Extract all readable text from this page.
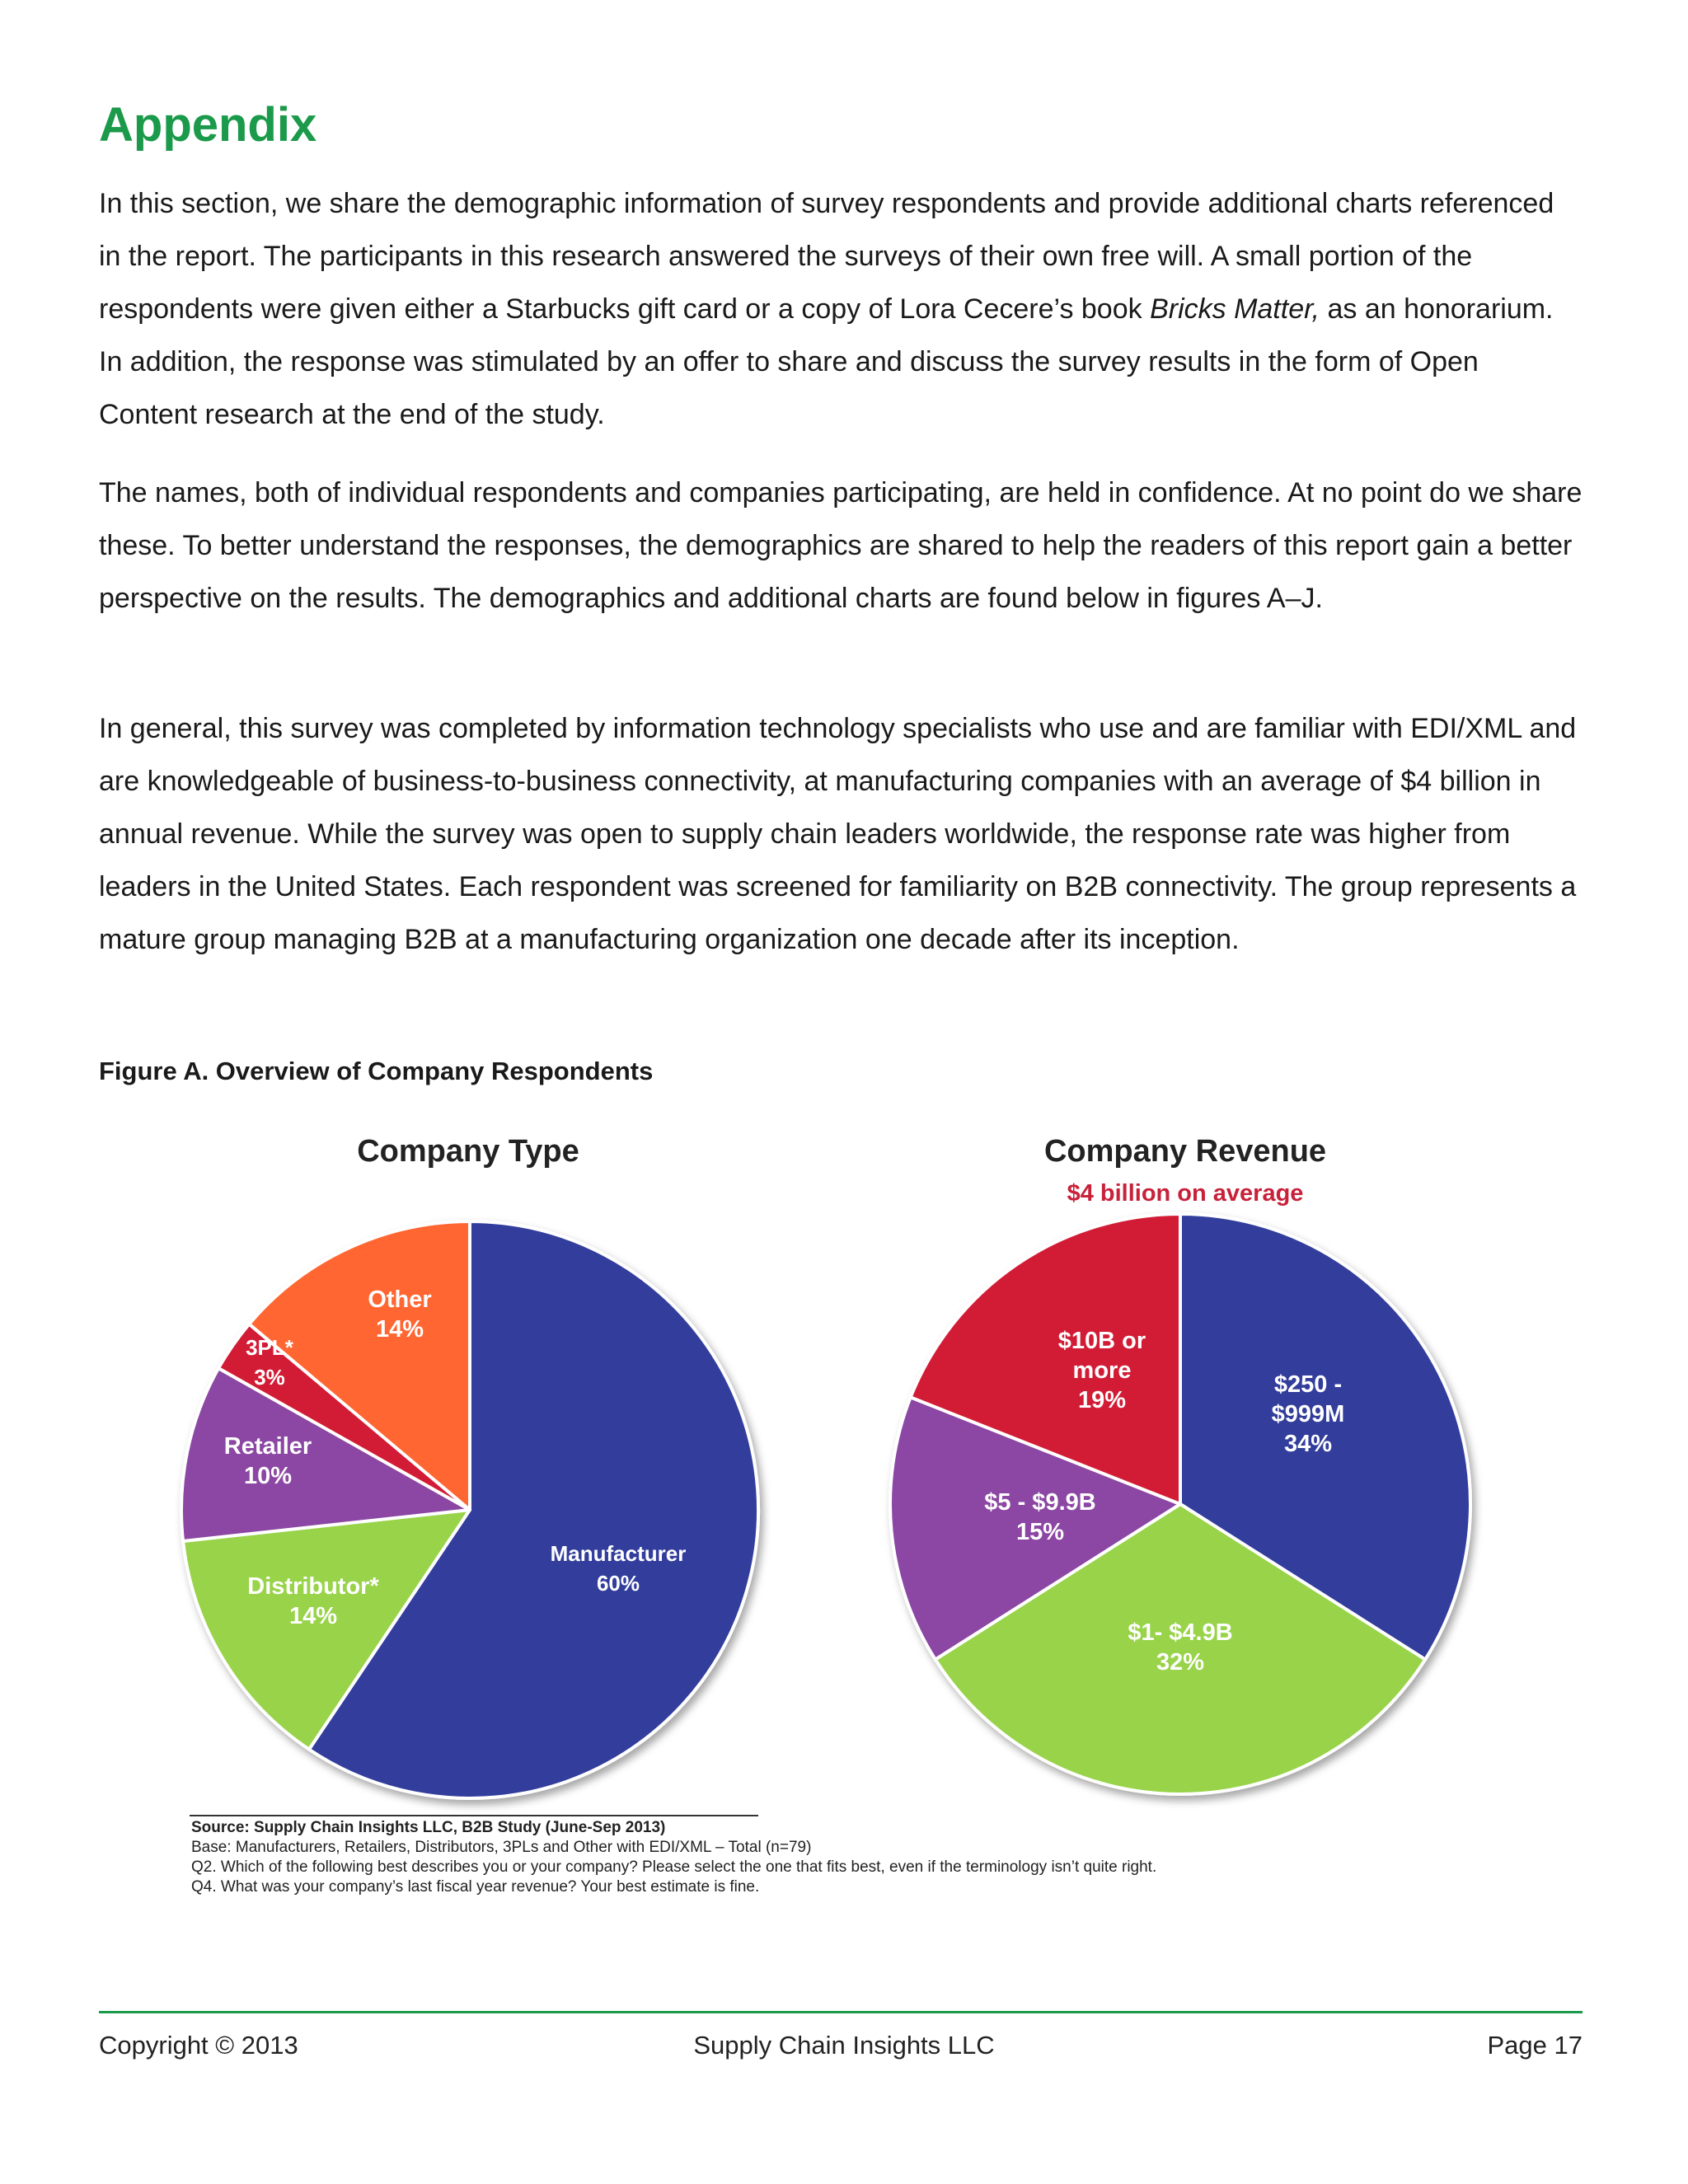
Appendix

In this section, we share the demographic information of survey respondents and provide additional charts referenced in the report. The participants in this research answered the surveys of their own free will. A small portion of the respondents were given either a Starbucks gift card or a copy of Lora Cecere’s book Bricks Matter, as an honorarium. In addition, the response was stimulated by an offer to share and discuss the survey results in the form of Open Content research at the end of the study.

The names, both of individual respondents and companies participating, are held in confidence. At no point do we share these. To better understand the responses, the demographics are shared to help the readers of this report gain a better perspective on the results. The demographics and additional charts are found below in figures A–J.

In general, this survey was completed by information technology specialists who use and are familiar with EDI/XML and are knowledgeable of business-to-business connectivity, at manufacturing companies with an average of $4 billion in annual revenue. While the survey was open to supply chain leaders worldwide, the response rate was higher from leaders in the United States. Each respondent was screened for familiarity on B2B connectivity. The group represents a mature group managing B2B at a manufacturing organization one decade after its inception.

Figure A. Overview of Company Respondents
Company Type	Company Revenue
$4 billion on average
Manufacturer 60%
Distributor* 14%
Retailer 10%
3PL* 3%
Other 14%
$250 -$999M 34%
$1- $4.9B 32%
$5 - $9.9B 15%
$10B or more 19%
Source: Supply Chain Insights LLC, B2B Study (June-Sep 2013)
Base: Manufacturers, Retailers, Distributors, 3PLs and Other with EDI/XML – Total (n=79)
Q2. Which of the following best describes you or your company? Please select the one that fits best, even if the terminology isn’t quite right.
Q4. What was your company’s last fiscal year revenue? Your best estimate is fine.
Copyright © 2013	Supply Chain Insights LLC	Page 17
